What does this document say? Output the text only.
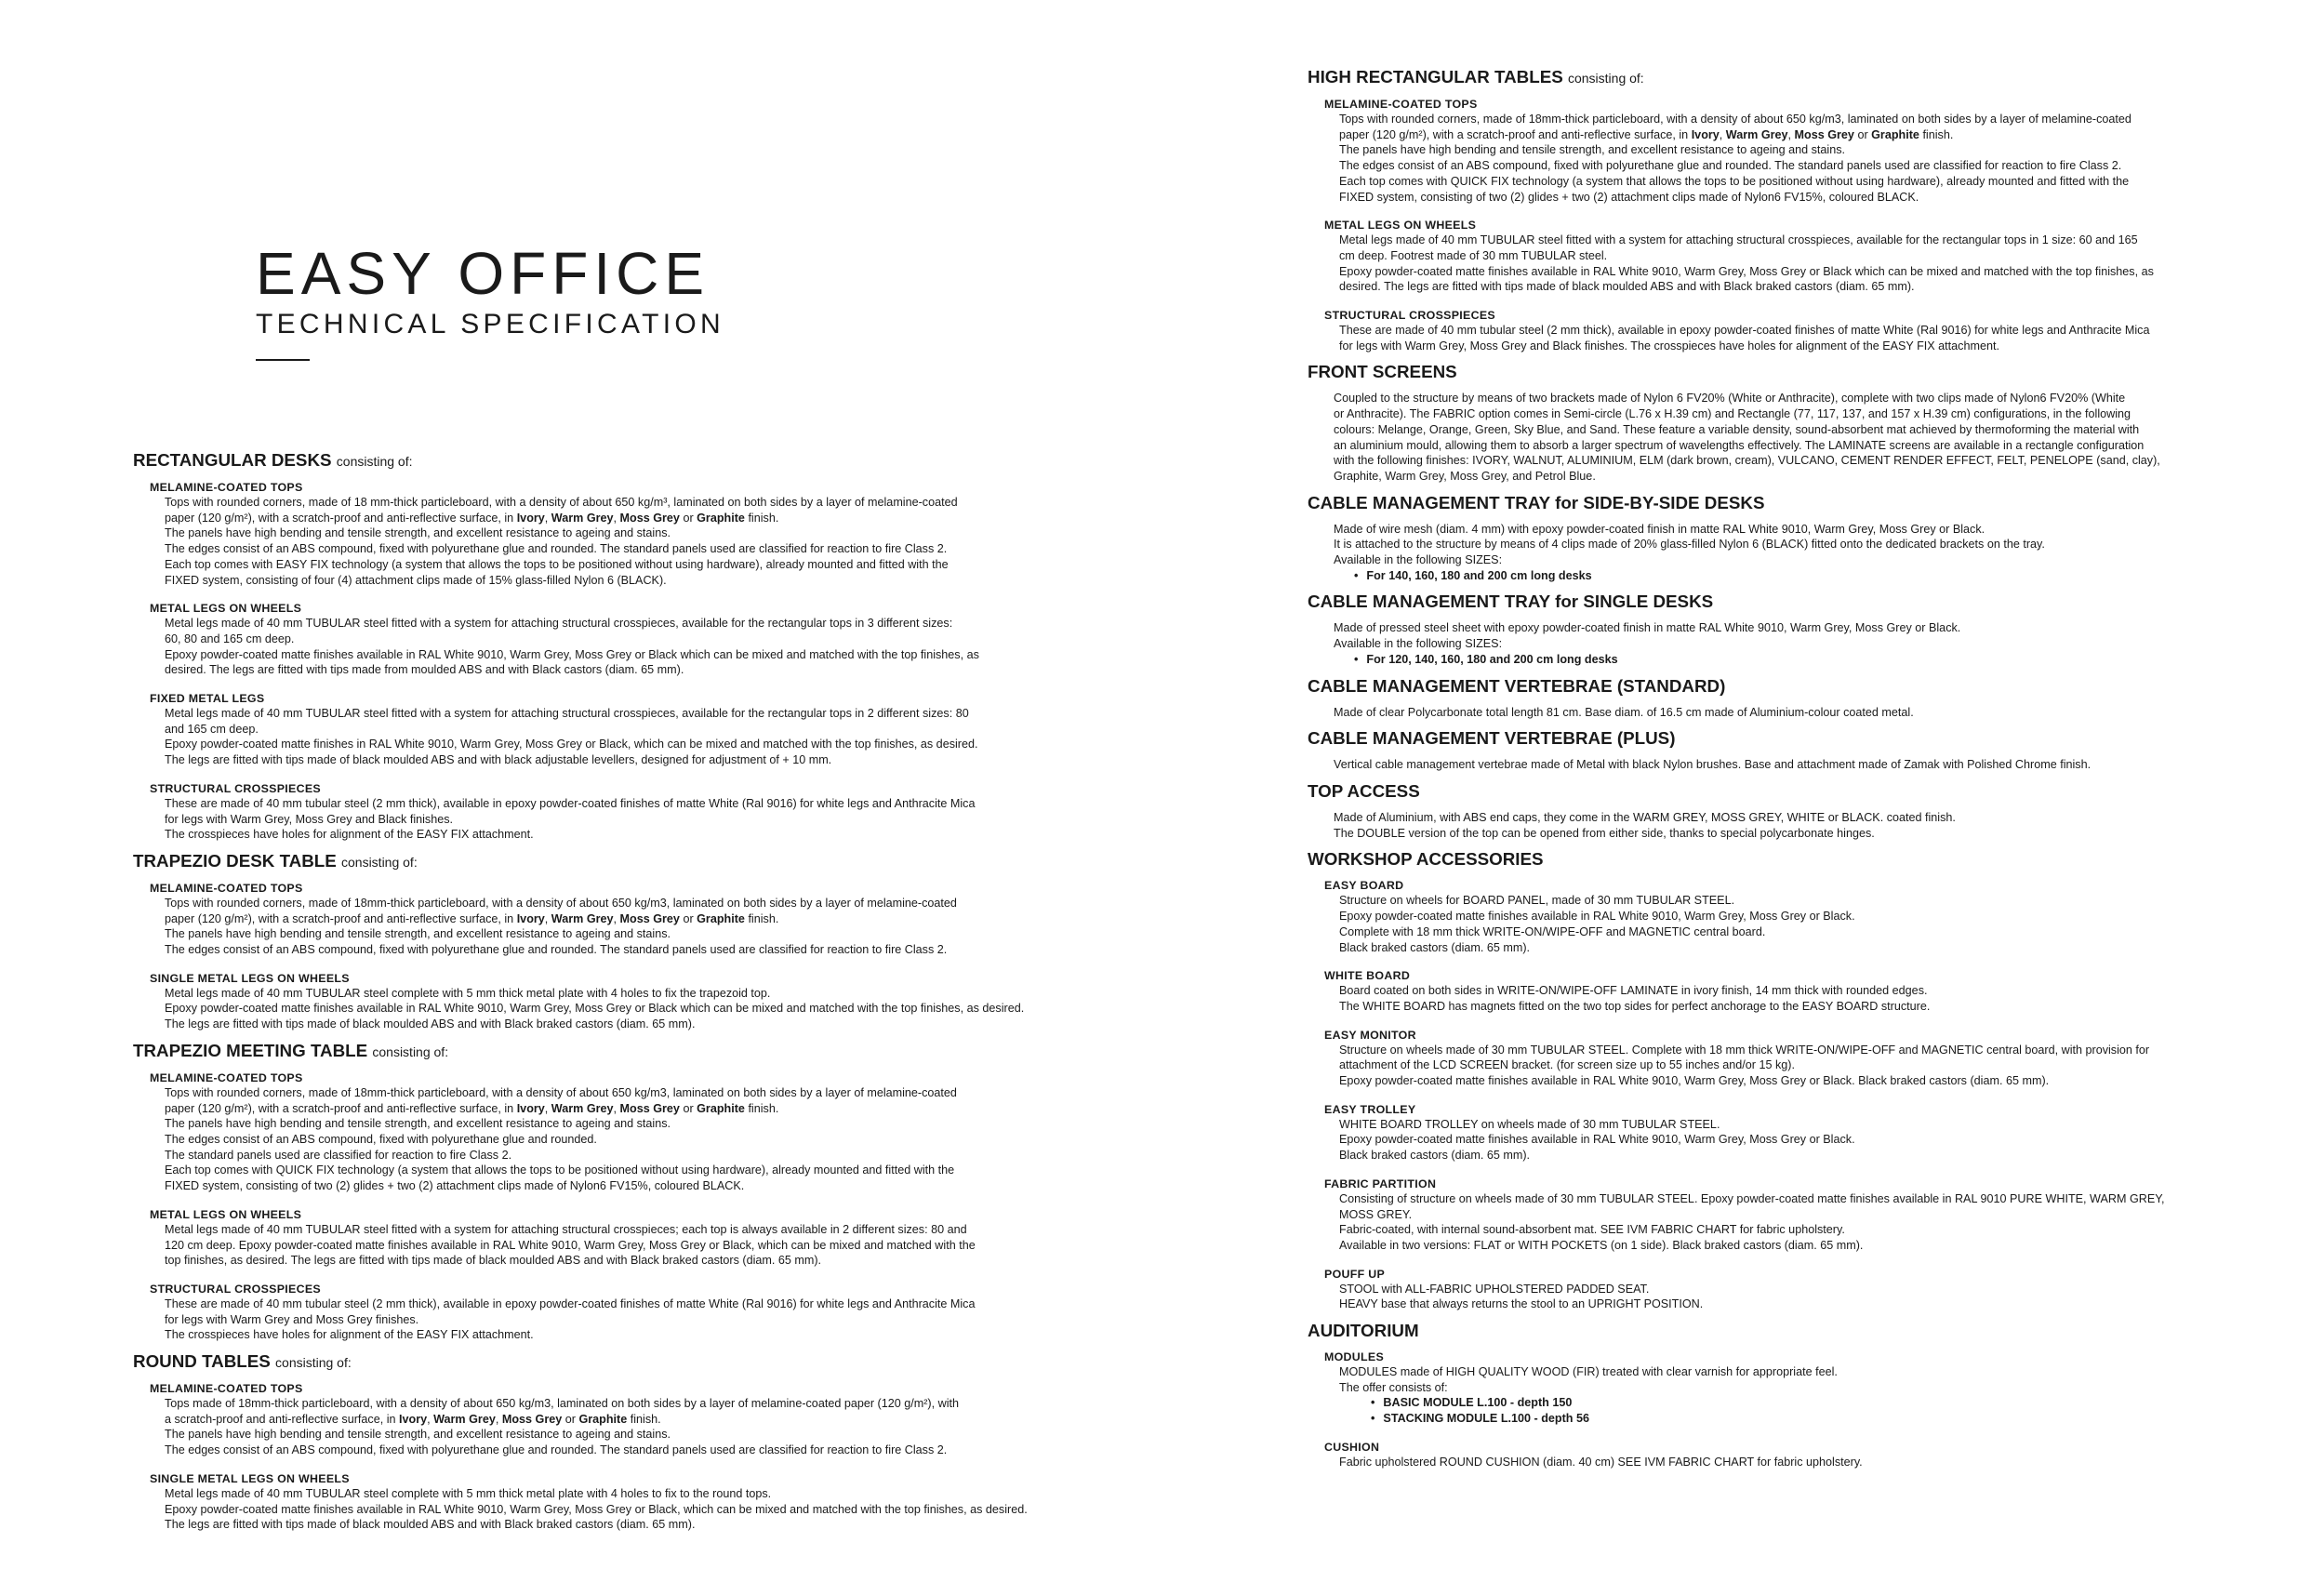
EASY OFFICE
TECHNICAL SPECIFICATION
RECTANGULAR DESKS consisting of:
MELAMINE-COATED TOPS
Tops with rounded corners, made of 18 mm-thick particleboard, with a density of about 650 kg/m³, laminated on both sides by a layer of melamine-coated
paper (120 g/m²), with a scratch-proof and anti-reflective surface, in Ivory, Warm Grey, Moss Grey or Graphite finish.
The panels have high bending and tensile strength, and excellent resistance to ageing and stains.
The edges consist of an ABS compound, fixed with polyurethane glue and rounded. The standard panels used are classified for reaction to fire Class 2.
Each top comes with EASY FIX technology (a system that allows the tops to be positioned without using hardware), already mounted and fitted with the
FIXED system, consisting of four (4) attachment clips made of 15% glass-filled Nylon 6 (BLACK).
METAL LEGS ON WHEELS
Metal legs made of 40 mm TUBULAR steel fitted with a system for attaching structural crosspieces, available for the rectangular tops in 3 different sizes:
60, 80 and 165 cm deep.
Epoxy powder-coated matte finishes available in RAL White 9010, Warm Grey, Moss Grey or Black which can be mixed and matched with the top finishes, as
desired. The legs are fitted with tips made from moulded ABS and with Black castors (diam. 65 mm).
FIXED METAL LEGS
Metal legs made of 40 mm TUBULAR steel fitted with a system for attaching structural crosspieces, available for the rectangular tops in 2 different sizes: 80
and 165 cm deep.
Epoxy powder-coated matte finishes in RAL White 9010, Warm Grey, Moss Grey or Black, which can be mixed and matched with the top finishes, as desired.
The legs are fitted with tips made of black moulded ABS and with black adjustable levellers, designed for adjustment of + 10 mm.
STRUCTURAL CROSSPIECES
These are made of 40 mm tubular steel (2 mm thick), available in epoxy powder-coated finishes of matte White (Ral 9016) for white legs and Anthracite Mica
for legs with Warm Grey, Moss Grey and Black finishes.
The crosspieces have holes for alignment of the EASY FIX attachment.
TRAPEZIO DESK TABLE consisting of:
MELAMINE-COATED TOPS
Tops with rounded corners, made of 18mm-thick particleboard, with a density of about 650 kg/m3, laminated on both sides by a layer of melamine-coated
paper (120 g/m²), with a scratch-proof and anti-reflective surface, in Ivory, Warm Grey, Moss Grey or Graphite finish.
The panels have high bending and tensile strength, and excellent resistance to ageing and stains.
The edges consist of an ABS compound, fixed with polyurethane glue and rounded. The standard panels used are classified for reaction to fire Class 2.
SINGLE METAL LEGS ON WHEELS
Metal legs made of 40 mm TUBULAR steel complete with 5 mm thick metal plate with 4 holes to fix the trapezoid top.
Epoxy powder-coated matte finishes available in RAL White 9010, Warm Grey, Moss Grey or Black which can be mixed and matched with the top finishes, as desired.
The legs are fitted with tips made of black moulded ABS and with Black braked castors (diam. 65 mm).
TRAPEZIO MEETING TABLE consisting of:
MELAMINE-COATED TOPS
Tops with rounded corners, made of 18mm-thick particleboard, with a density of about 650 kg/m3, laminated on both sides by a layer of melamine-coated
paper (120 g/m²), with a scratch-proof and anti-reflective surface, in Ivory, Warm Grey, Moss Grey or Graphite finish.
The panels have high bending and tensile strength, and excellent resistance to ageing and stains.
The edges consist of an ABS compound, fixed with polyurethane glue and rounded.
The standard panels used are classified for reaction to fire Class 2.
Each top comes with QUICK FIX technology (a system that allows the tops to be positioned without using hardware), already mounted and fitted with the
FIXED system, consisting of two (2) glides + two (2) attachment clips made of Nylon6 FV15%, coloured BLACK.
METAL LEGS ON WHEELS
Metal legs made of 40 mm TUBULAR steel fitted with a system for attaching structural crosspieces; each top is always available in 2 different sizes: 80 and
120 cm deep. Epoxy powder-coated matte finishes available in RAL White 9010, Warm Grey, Moss Grey or Black, which can be mixed and matched with the
top finishes, as desired. The legs are fitted with tips made of black moulded ABS and with Black braked castors (diam. 65 mm).
STRUCTURAL CROSSPIECES
These are made of 40 mm tubular steel (2 mm thick), available in epoxy powder-coated finishes of matte White (Ral 9016) for white legs and Anthracite Mica
for legs with Warm Grey and Moss Grey finishes.
The crosspieces have holes for alignment of the EASY FIX attachment.
ROUND TABLES consisting of:
MELAMINE-COATED TOPS
Tops made of 18mm-thick particleboard, with a density of about 650 kg/m3, laminated on both sides by a layer of melamine-coated paper (120 g/m²), with
a scratch-proof and anti-reflective surface, in Ivory, Warm Grey, Moss Grey or Graphite finish.
The panels have high bending and tensile strength, and excellent resistance to ageing and stains.
The edges consist of an ABS compound, fixed with polyurethane glue and rounded. The standard panels used are classified for reaction to fire Class 2.
SINGLE METAL LEGS ON WHEELS
Metal legs made of 40 mm TUBULAR steel complete with 5 mm thick metal plate with 4 holes to fix to the round tops.
Epoxy powder-coated matte finishes available in RAL White 9010, Warm Grey, Moss Grey or Black, which can be mixed and matched with the top finishes, as desired.
The legs are fitted with tips made of black moulded ABS and with Black braked castors (diam. 65 mm).
HIGH RECTANGULAR TABLES consisting of:
MELAMINE-COATED TOPS
Tops with rounded corners, made of 18mm-thick particleboard, with a density of about 650 kg/m3, laminated on both sides by a layer of melamine-coated
paper (120 g/m²), with a scratch-proof and anti-reflective surface, in Ivory, Warm Grey, Moss Grey or Graphite finish.
The panels have high bending and tensile strength, and excellent resistance to ageing and stains.
The edges consist of an ABS compound, fixed with polyurethane glue and rounded. The standard panels used are classified for reaction to fire Class 2.
Each top comes with QUICK FIX technology (a system that allows the tops to be positioned without using hardware), already mounted and fitted with the
FIXED system, consisting of two (2) glides + two (2) attachment clips made of Nylon6 FV15%, coloured BLACK.
METAL LEGS ON WHEELS
Metal legs made of 40 mm TUBULAR steel fitted with a system for attaching structural crosspieces, available for the rectangular tops in 1 size: 60 and 165
cm deep. Footrest made of 30 mm TUBULAR steel.
Epoxy powder-coated matte finishes available in RAL White 9010, Warm Grey, Moss Grey or Black which can be mixed and matched with the top finishes, as
desired. The legs are fitted with tips made of black moulded ABS and with Black braked castors (diam. 65 mm).
STRUCTURAL CROSSPIECES
These are made of 40 mm tubular steel (2 mm thick), available in epoxy powder-coated finishes of matte White (Ral 9016) for white legs and Anthracite Mica
for legs with Warm Grey, Moss Grey and Black finishes. The crosspieces have holes for alignment of the EASY FIX attachment.
FRONT SCREENS
Coupled to the structure by means of two brackets made of Nylon 6 FV20% (White or Anthracite), complete with two clips made of Nylon6 FV20% (White
or Anthracite). The FABRIC option comes in Semi-circle (L.76 x H.39 cm) and Rectangle (77, 117, 137, and 157 x H.39 cm) configurations, in the following
colours: Melange, Orange, Green, Sky Blue, and Sand. These feature a variable density, sound-absorbent mat achieved by thermoforming the material with
an aluminium mould, allowing them to absorb a larger spectrum of wavelengths effectively. The LAMINATE screens are available in a rectangle configuration
with the following finishes: IVORY, WALNUT, ALUMINIUM, ELM (dark brown, cream), VULCANO, CEMENT RENDER EFFECT, FELT, PENELOPE (sand, clay),
Graphite, Warm Grey, Moss Grey, and Petrol Blue.
CABLE MANAGEMENT TRAY for SIDE-BY-SIDE DESKS
Made of wire mesh (diam. 4 mm) with epoxy powder-coated finish in matte RAL White 9010, Warm Grey, Moss Grey or Black.
It is attached to the structure by means of 4 clips made of 20% glass-filled Nylon 6 (BLACK) fitted onto the dedicated brackets on the tray.
Available in the following SIZES:
• For 140, 160, 180 and 200 cm long desks
CABLE MANAGEMENT TRAY for SINGLE DESKS
Made of pressed steel sheet with epoxy powder-coated finish in matte RAL White 9010, Warm Grey, Moss Grey or Black.
Available in the following SIZES:
• For 120, 140, 160, 180 and 200 cm long desks
CABLE MANAGEMENT VERTEBRAE (STANDARD)
Made of clear Polycarbonate total length 81 cm. Base diam. of 16.5 cm made of Aluminium-colour coated metal.
CABLE MANAGEMENT VERTEBRAE (PLUS)
Vertical cable management vertebrae made of Metal with black Nylon brushes. Base and attachment made of Zamak with Polished Chrome finish.
TOP ACCESS
Made of Aluminium, with ABS end caps, they come in the WARM GREY, MOSS GREY, WHITE or BLACK. coated finish.
The DOUBLE version of the top can be opened from either side, thanks to special polycarbonate hinges.
WORKSHOP ACCESSORIES
EASY BOARD
Structure on wheels for BOARD PANEL, made of 30 mm TUBULAR STEEL.
Epoxy powder-coated matte finishes available in RAL White 9010, Warm Grey, Moss Grey or Black.
Complete with 18 mm thick WRITE-ON/WIPE-OFF and MAGNETIC central board.
Black braked castors (diam. 65 mm).
WHITE BOARD
Board coated on both sides in WRITE-ON/WIPE-OFF LAMINATE in ivory finish, 14 mm thick with rounded edges.
The WHITE BOARD has magnets fitted on the two top sides for perfect anchorage to the EASY BOARD structure.
EASY MONITOR
Structure on wheels made of 30 mm TUBULAR STEEL. Complete with 18 mm thick WRITE-ON/WIPE-OFF and MAGNETIC central board, with provision for
attachment of the LCD SCREEN bracket. (for screen size up to 55 inches and/or 15 kg).
Epoxy powder-coated matte finishes available in RAL White 9010, Warm Grey, Moss Grey or Black. Black braked castors (diam. 65 mm).
EASY TROLLEY
WHITE BOARD TROLLEY on wheels made of 30 mm TUBULAR STEEL.
Epoxy powder-coated matte finishes available in RAL White 9010, Warm Grey, Moss Grey or Black.
Black braked castors (diam. 65 mm).
FABRIC PARTITION
Consisting of structure on wheels made of 30 mm TUBULAR STEEL. Epoxy powder-coated matte finishes available in RAL 9010 PURE WHITE, WARM GREY,
MOSS GREY.
Fabric-coated, with internal sound-absorbent mat. SEE IVM FABRIC CHART for fabric upholstery.
Available in two versions: FLAT or WITH POCKETS (on 1 side). Black braked castors (diam. 65 mm).
POUFF UP
STOOL with ALL-FABRIC UPHOLSTERED PADDED SEAT.
HEAVY base that always returns the stool to an UPRIGHT POSITION.
AUDITORIUM
MODULES
MODULES made of HIGH QUALITY WOOD (FIR) treated with clear varnish for appropriate feel.
The offer consists of:
• BASIC MODULE L.100 - depth 150
• STACKING MODULE L.100 - depth 56
CUSHION
Fabric upholstered ROUND CUSHION (diam. 40 cm) SEE IVM FABRIC CHART for fabric upholstery.
